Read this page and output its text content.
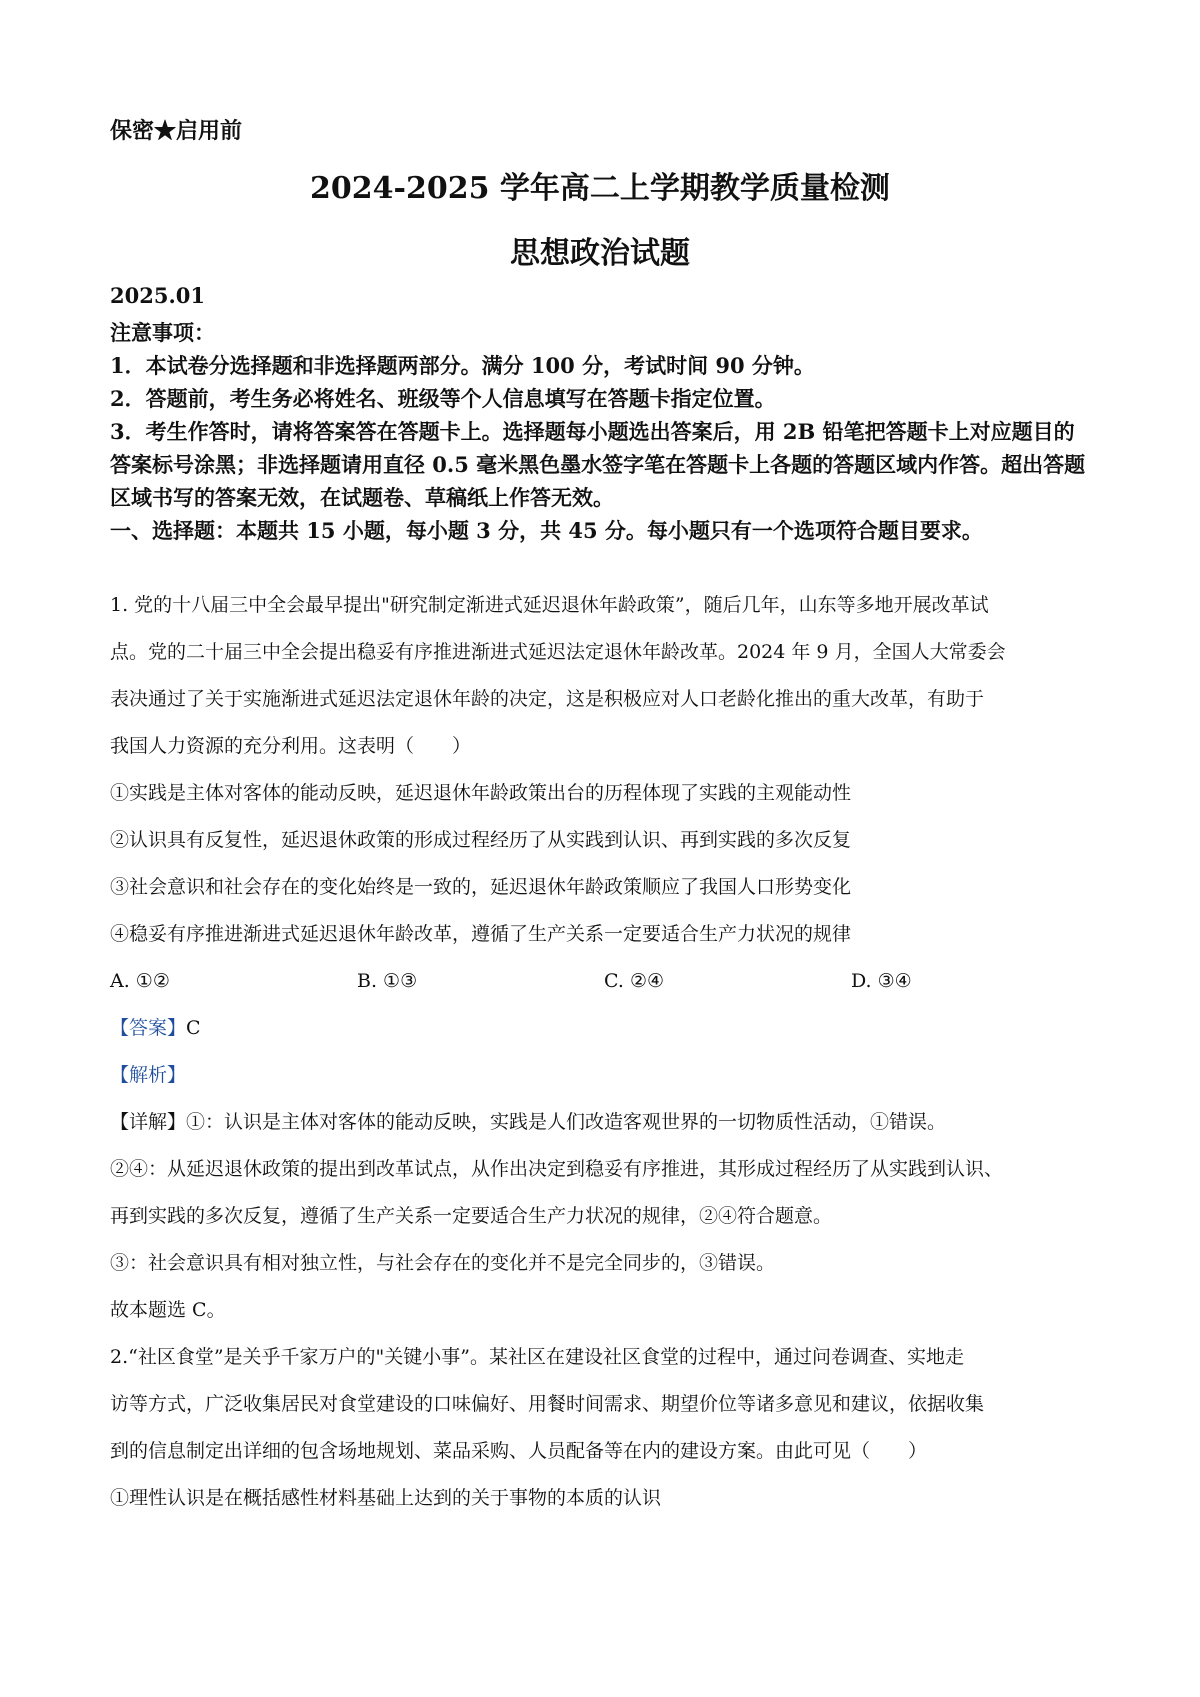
保密★启用前
2024-2025 学年高二上学期教学质量检测
思想政治试题
2025.01
注意事项：
1．本试卷分选择题和非选择题两部分。满分 100 分，考试时间 90 分钟。
2．答题前，考生务必将姓名、班级等个人信息填写在答题卡指定位置。
3．考生作答时，请将答案答在答题卡上。选择题每小题选出答案后，用 2B 铅笔把答题卡上对应题目的答案标号涂黑；非选择题请用直径 0.5 毫米黑色墨水签字笔在答题卡上各题的答题区域内作答。超出答题区域书写的答案无效，在试题卷、草稿纸上作答无效。
一、选择题：本题共 15 小题，每小题 3 分，共 45 分。每小题只有一个选项符合题目要求。

1. 党的十八届三中全会最早提出"研究制定渐进式延迟退休年龄政策”，随后几年，山东等多地开展改革试

点。党的二十届三中全会提出稳妥有序推进渐进式延迟法定退休年龄改革。2024 年 9 月，全国人大常委会

表决通过了关于实施渐进式延迟法定退休年龄的决定，这是积极应对人口老龄化推出的重大改革，有助于

我国人力资源的充分利用。这表明（　　）

①实践是主体对客体的能动反映，延迟退休年龄政策出台的历程体现了实践的主观能动性

②认识具有反复性，延迟退休政策的形成过程经历了从实践到认识、再到实践的多次反复

③社会意识和社会存在的变化始终是一致的，延迟退休年龄政策顺应了我国人口形势变化

④稳妥有序推进渐进式延迟退休年龄改革，遵循了生产关系一定要适合生产力状况的规律

A. ①②	B. ①③	C. ②④	D. ③④

【答案】C

【解析】

【详解】①：认识是主体对客体的能动反映，实践是人们改造客观世界的一切物质性活动，①错误。

②④：从延迟退休政策的提出到改革试点，从作出决定到稳妥有序推进，其形成过程经历了从实践到认识、

再到实践的多次反复，遵循了生产关系一定要适合生产力状况的规律，②④符合题意。

③：社会意识具有相对独立性，与社会存在的变化并不是完全同步的，③错误。

故本题选 C。

2.“社区食堂”是关乎千家万户的"关键小事”。某社区在建设社区食堂的过程中，通过问卷调查、实地走

访等方式，广泛收集居民对食堂建设的口味偏好、用餐时间需求、期望价位等诸多意见和建议，依据收集

到的信息制定出详细的包含场地规划、菜品采购、人员配备等在内的建设方案。由此可见（　　）

①理性认识是在概括感性材料基础上达到的关于事物的本质的认识
